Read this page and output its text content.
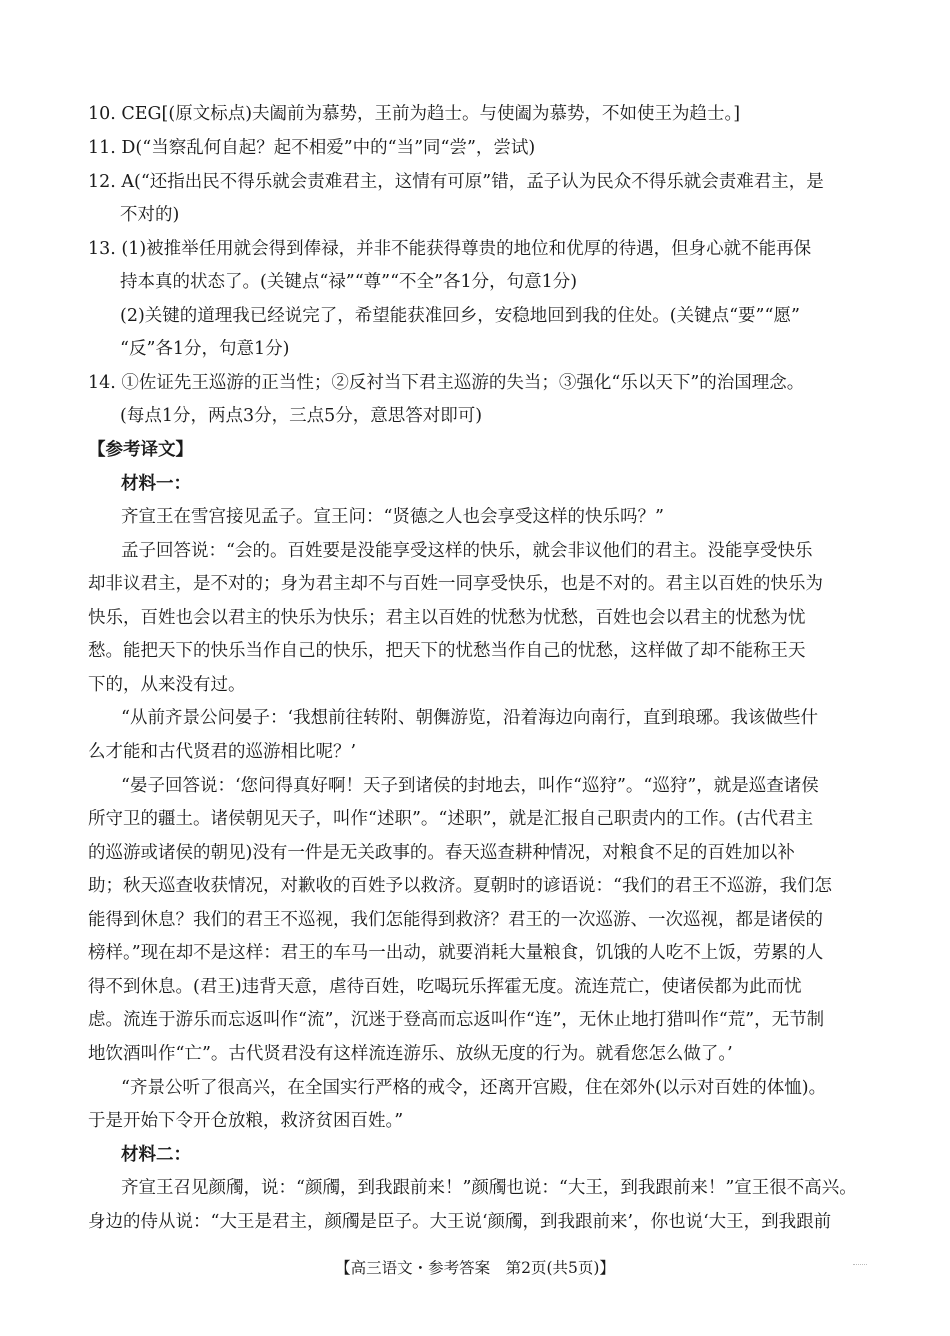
10. CEG[(原文标点)夫阖前为慕势，王前为趋士。与使阖为慕势，不如使王为趋士。]
11. D(“当察乱何自起？起不相爱”中的“当”同“尝”，尝试)
12. A(“还指出民不得乐就会责难君主，这情有可原”错，孟子认为民众不得乐就会责难君主，是
不对的)
13. (1)被推举任用就会得到俸禄，并非不能获得尊贵的地位和优厚的待遇，但身心就不能再保
持本真的状态了。(关键点“禄”“尊”“不全”各1分，句意1分)
(2)关键的道理我已经说完了，希望能获准回乡，安稳地回到我的住处。(关键点“要”“愿”
“反”各1分，句意1分)
14. ①佐证先王巡游的正当性；②反衬当下君主巡游的失当；③强化“乐以天下”的治国理念。
(每点1分，两点3分，三点5分，意思答对即可)
【参考译文】
材料一：
齐宣王在雪宫接见孟子。宣王问：“贤德之人也会享受这样的快乐吗？”
孟子回答说：“会的。百姓要是没能享受这样的快乐，就会非议他们的君主。没能享受快乐
却非议君主，是不对的；身为君主却不与百姓一同享受快乐，也是不对的。君主以百姓的快乐为
快乐，百姓也会以君主的快乐为快乐；君主以百姓的忧愁为忧愁，百姓也会以君主的忧愁为忧
愁。能把天下的快乐当作自己的快乐，把天下的忧愁当作自己的忧愁，这样做了却不能称王天
下的，从来没有过。
“从前齐景公问晏子：‘我想前往转附、朝儛游览，沿着海边向南行，直到琅琊。我该做些什
么才能和古代贤君的巡游相比呢？’
“晏子回答说：‘您问得真好啊！天子到诸侯的封地去，叫作“巡狩”。“巡狩”，就是巡查诸侯
所守卫的疆土。诸侯朝见天子，叫作“述职”。“述职”，就是汇报自己职责内的工作。(古代君主
的巡游或诸侯的朝见)没有一件是无关政事的。春天巡查耕种情况，对粮食不足的百姓加以补
助；秋天巡查收获情况，对歉收的百姓予以救济。夏朝时的谚语说：“我们的君王不巡游，我们怎
能得到休息？我们的君王不巡视，我们怎能得到救济？君王的一次巡游、一次巡视，都是诸侯的
榜样。”现在却不是这样：君王的车马一出动，就要消耗大量粮食，饥饿的人吃不上饭，劳累的人
得不到休息。(君王)违背天意，虐待百姓，吃喝玩乐挥霍无度。流连荒亡，使诸侯都为此而忧
虑。流连于游乐而忘返叫作“流”，沉迷于登高而忘返叫作“连”，无休止地打猎叫作“荒”，无节制
地饮酒叫作“亡”。古代贤君没有这样流连游乐、放纵无度的行为。就看您怎么做了。’
“齐景公听了很高兴，在全国实行严格的戒令，还离开宫殿，住在郊外(以示对百姓的体恤)。
于是开始下令开仓放粮，救济贫困百姓。”
材料二：
齐宣王召见颜斶，说：“颜斶，到我跟前来！”颜斶也说：“大王，到我跟前来！”宣王很不高兴。
身边的侍从说：“大王是君主，颜斶是臣子。大王说‘颜斶，到我跟前来’，你也说‘大王，到我跟前
【高三语文・参考答案　第2页(共5页)】
